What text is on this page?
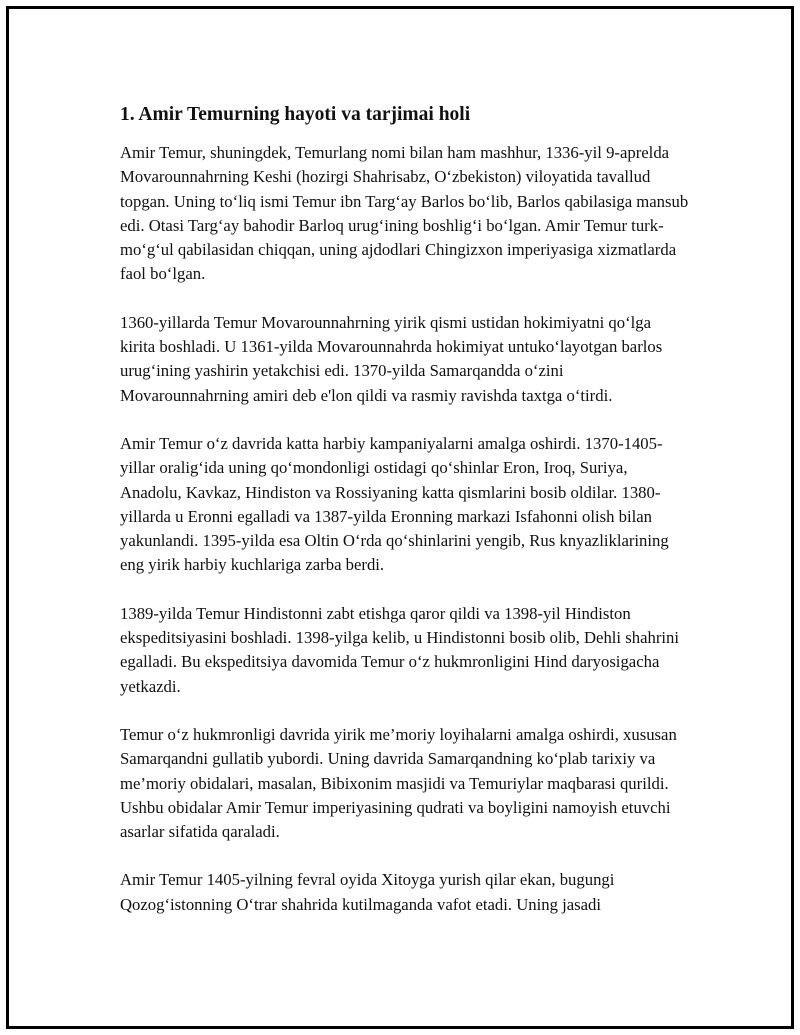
1. Amir Temurning hayoti va tarjimai holi

Amir Temur, shuningdek, Temurlang nomi bilan ham mashhur, 1336-yil 9-aprelda Movarounnahrning Keshi (hozirgi Shahrisabz, O‘zbekiston) viloyatida tavallud topgan. Uning to‘liq ismi Temur ibn Targ‘ay Barlos bo‘lib, Barlos qabilasiga mansub edi. Otasi Targ‘ay bahodir Barloq urug‘ining boshlig‘i bo‘lgan. Amir Temur turk-mo‘g‘ul qabilasidan chiqqan, uning ajdodlari Chingizxon imperiyasiga xizmatlarda faol bo‘lgan.

1360-yillarda Temur Movarounnahrning yirik qismi ustidan hokimiyatni qo‘lga kirita boshladi. U 1361-yilda Movarounnahrda hokimiyat untuko‘layotgan barlos urug‘ining yashirin yetakchisi edi. 1370-yilda Samarqandda o‘zini Movarounnahrning amiri deb e'lon qildi va rasmiy ravishda taxtga o‘tirdi.

Amir Temur o‘z davrida katta harbiy kampaniyalarni amalga oshirdi. 1370-1405-yillar oralig‘ida uning qo‘mondonligi ostidagi qo‘shinlar Eron, Iroq, Suriya, Anadolu, Kavkaz, Hindiston va Rossiyaning katta qismlarini bosib oldilar. 1380-yillarda u Eronni egalladi va 1387-yilda Eronning markazi Isfahonni olish bilan yakunlandi. 1395-yilda esa Oltin O‘rda qo‘shinlarini yengib, Rus knyazliklarining eng yirik harbiy kuchlariga zarba berdi.

1389-yilda Temur Hindistonni zabt etishga qaror qildi va 1398-yil Hindiston ekspeditsiyasini boshladi. 1398-yilga kelib, u Hindistonni bosib olib, Dehli shahrini egalladi. Bu ekspeditsiya davomida Temur o‘z hukmronligini Hind daryosigacha yetkazdi.

Temur o‘z hukmronligi davrida yirik me’moriy loyihalarni amalga oshirdi, xususan Samarqandni gullatib yubordi. Uning davrida Samarqandning ko‘plab tarixiy va me’moriy obidalari, masalan, Bibixonim masjidi va Temuriylar maqbarasi qurildi. Ushbu obidalar Amir Temur imperiyasining qudrati va boyligini namoyish etuvchi asarlar sifatida qaraladi.

Amir Temur 1405-yilning fevral oyida Xitoyga yurish qilar ekan, bugungi Qozog‘istonning O‘trar shahrida kutilmaganda vafot etadi. Uning jasadi
